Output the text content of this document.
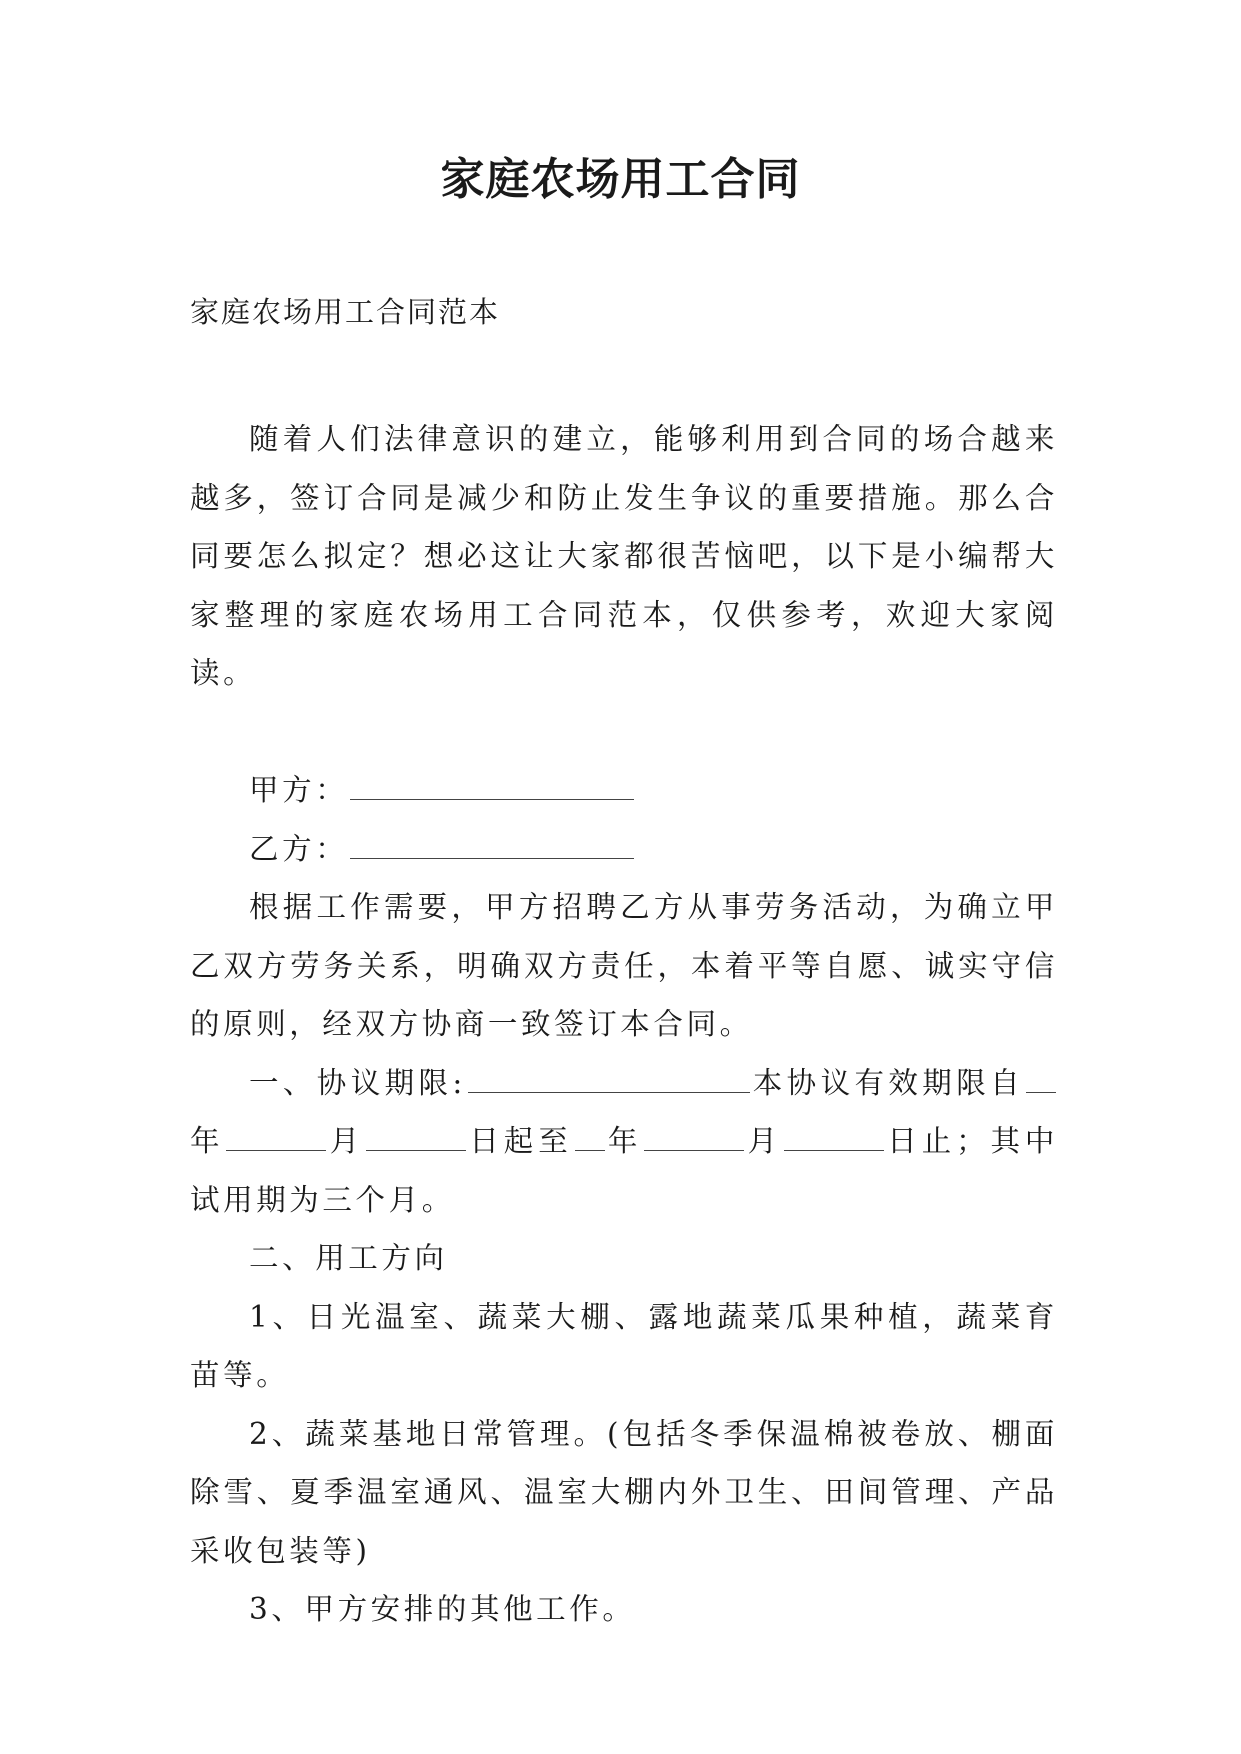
家庭农场用工合同
家庭农场用工合同范本

随着人们法律意识的建立，能够利用到合同的场合越来越多，签订合同是减少和防止发生争议的重要措施。那么合同要怎么拟定？想必这让大家都很苦恼吧，以下是小编帮大家整理的家庭农场用工合同范本，仅供参考，欢迎大家阅读。

甲方：

乙方：

根据工作需要，甲方招聘乙方从事劳务活动，为确立甲乙双方劳务关系，明确双方责任，本着平等自愿、诚实守信的原则，经双方协商一致签订本合同。

一、协议期限:	本协议有效期限自年	月	日起至 年	月	日止；其中试用期为三个月。

二、用工方向

1、日光温室、蔬菜大棚、露地蔬菜瓜果种植，蔬菜育苗等。

2、蔬菜基地日常管理。(包括冬季保温棉被卷放、棚面除雪、夏季温室通风、温室大棚内外卫生、田间管理、产品采收包装等)

3、甲方安排的其他工作。
